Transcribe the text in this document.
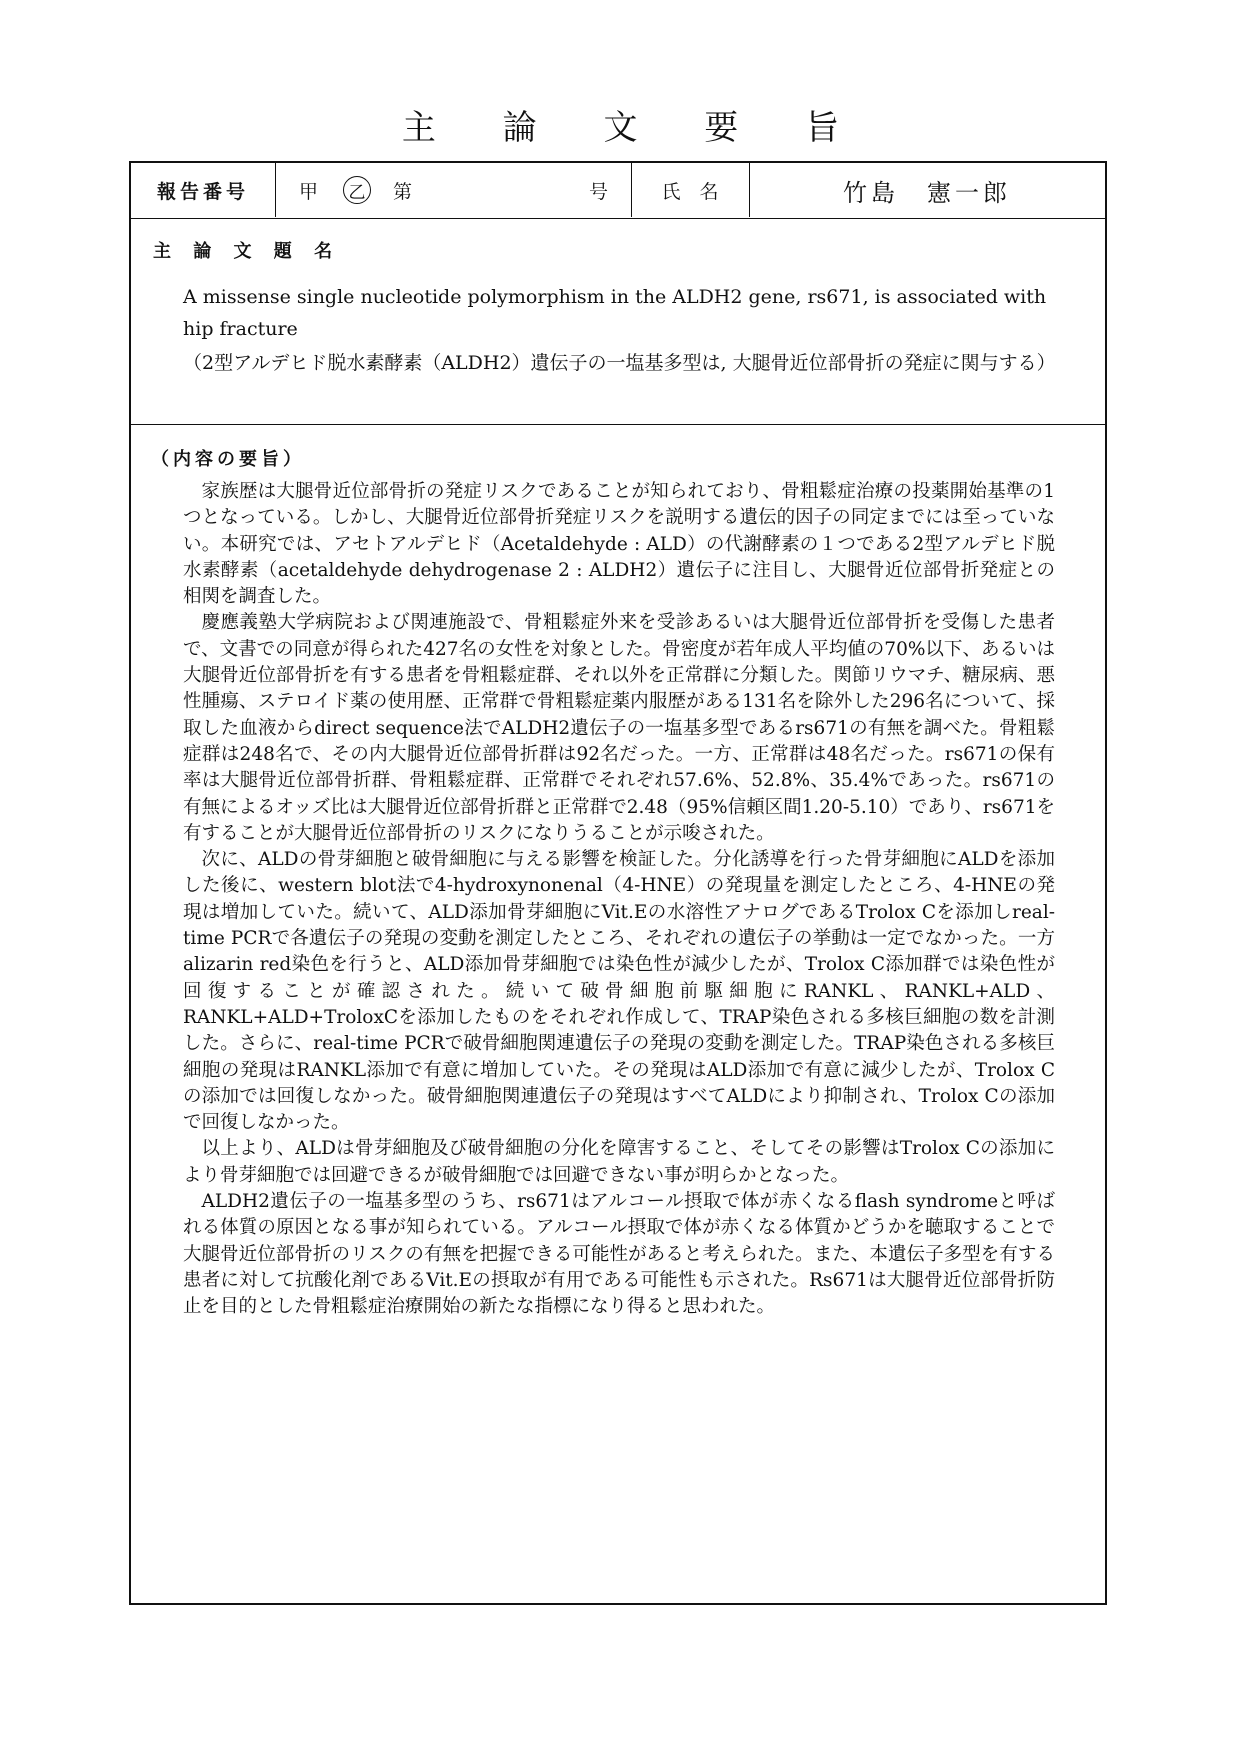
主 論 文 要 旨
報告番号	甲	乙 第	号	氏　名	竹島　憲一郎
主 論 文 題 名
A missense single nucleotide polymorphism in the ALDH2 gene, rs671, is associated with hip fracture
（2型アルデヒド脱水素酵素（ALDH2）遺伝子の一塩基多型は, 大腿骨近位部骨折の発症に関与する）
（内容の要旨）

家族歴は大腿骨近位部骨折の発症リスクであることが知られており、骨粗鬆症治療の投薬開始基準の1つとなっている。しかし、大腿骨近位部骨折発症リスクを説明する遺伝的因子の同定までには至っていない。本研究では、アセトアルデヒド（Acetaldehyde : ALD）の代謝酵素の１つである2型アルデヒド脱水素酵素（acetaldehyde dehydrogenase 2 : ALDH2）遺伝子に注目し、大腿骨近位部骨折発症との相関を調査した。

慶應義塾大学病院および関連施設で、骨粗鬆症外来を受診あるいは大腿骨近位部骨折を受傷した患者で、文書での同意が得られた427名の女性を対象とした。骨密度が若年成人平均値の70%以下、あるいは大腿骨近位部骨折を有する患者を骨粗鬆症群、それ以外を正常群に分類した。関節リウマチ、糖尿病、悪性腫瘍、ステロイド薬の使用歴、正常群で骨粗鬆症薬内服歴がある131名を除外した296名について、採取した血液からdirect sequence法でALDH2遺伝子の一塩基多型であるrs671の有無を調べた。骨粗鬆症群は248名で、その内大腿骨近位部骨折群は92名だった。一方、正常群は48名だった。rs671の保有率は大腿骨近位部骨折群、骨粗鬆症群、正常群でそれぞれ57.6%、52.8%、35.4%であった。rs671の有無によるオッズ比は大腿骨近位部骨折群と正常群で2.48（95%信頼区間1.20-5.10）であり、rs671を有することが大腿骨近位部骨折のリスクになりうることが示唆された。

次に、ALDの骨芽細胞と破骨細胞に与える影響を検証した。分化誘導を行った骨芽細胞にALDを添加した後に、western blot法で4-hydroxynonenal（4-HNE）の発現量を測定したところ、4-HNEの発現は増加していた。続いて、ALD添加骨芽細胞にVit.Eの水溶性アナログであるTrolox Cを添加しreal-time PCRで各遺伝子の発現の変動を測定したところ、それぞれの遺伝子の挙動は一定でなかった。一方alizarin red染色を行うと、ALD添加骨芽細胞では染色性が減少したが、Trolox C添加群では染色性が回復することが確認された。続いて破骨細胞前駆細胞にRANKL、RANKL+ALD、RANKL+ALD+TroloxCを添加したものをそれぞれ作成して、TRAP染色される多核巨細胞の数を計測した。さらに、real-time PCRで破骨細胞関連遺伝子の発現の変動を測定した。TRAP染色される多核巨細胞の発現はRANKL添加で有意に増加していた。その発現はALD添加で有意に減少したが、Trolox Cの添加では回復しなかった。破骨細胞関連遺伝子の発現はすべてALDにより抑制され、Trolox Cの添加で回復しなかった。

以上より、ALDは骨芽細胞及び破骨細胞の分化を障害すること、そしてその影響はTrolox Cの添加により骨芽細胞では回避できるが破骨細胞では回避できない事が明らかとなった。

ALDH2遺伝子の一塩基多型のうち、rs671はアルコール摂取で体が赤くなるflash syndromeと呼ばれる体質の原因となる事が知られている。アルコール摂取で体が赤くなる体質かどうかを聴取することで大腿骨近位部骨折のリスクの有無を把握できる可能性があると考えられた。また、本遺伝子多型を有する患者に対して抗酸化剤であるVit.Eの摂取が有用である可能性も示された。Rs671は大腿骨近位部骨折防止を目的とした骨粗鬆症治療開始の新たな指標になり得ると思われた。
